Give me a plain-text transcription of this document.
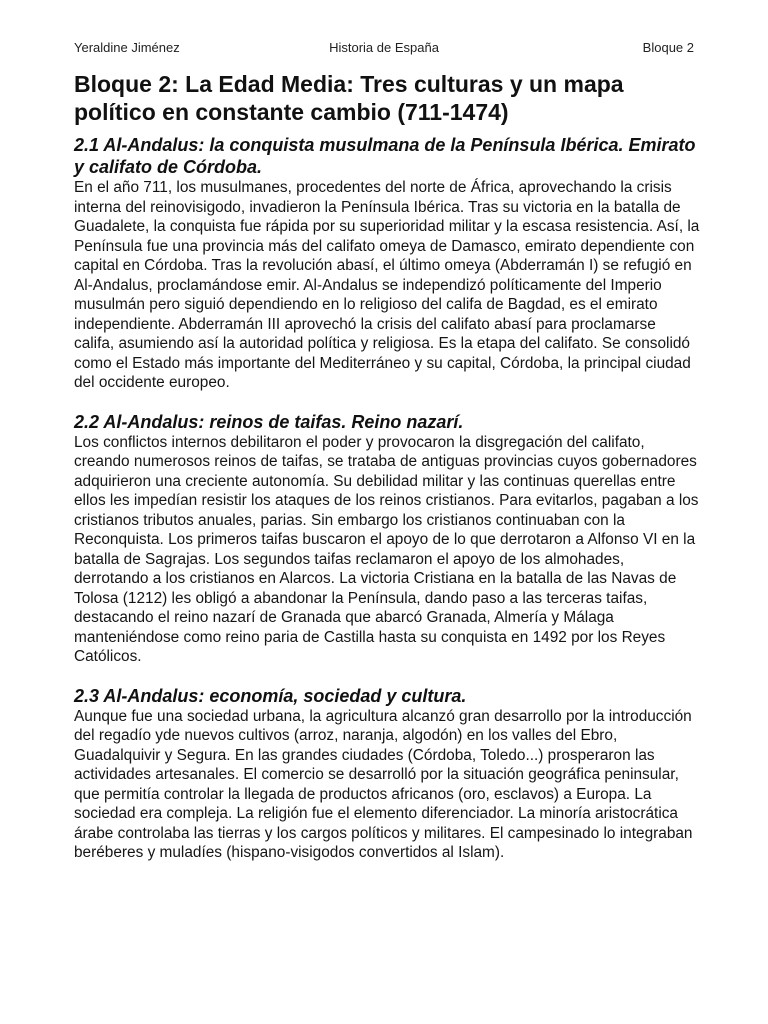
Yeraldine Jiménez	Historia de España	Bloque 2
Bloque 2: La Edad Media: Tres culturas y un mapa político en constante cambio (711-1474)
2.1 Al-Andalus: la conquista musulmana de la Península Ibérica. Emirato y califato de Córdoba.

En el año 711, los musulmanes, procedentes del norte de África, aprovechando la crisis interna del reinovisigodo, invadieron la Península Ibérica. Tras su victoria en la batalla de Guadalete, la conquista fue rápida por su superioridad militar y la escasa resistencia. Así, la Península fue una provincia más del califato omeya de Damasco, emirato dependiente con capital en Córdoba. Tras la revolución abasí, el último omeya (Abderramán I) se refugió en Al-Andalus, proclamándose emir. Al-Andalus se independizó políticamente del Imperio musulmán pero siguió dependiendo en lo religioso del califa de Bagdad, es el emirato independiente. Abderramán III aprovechó la crisis del califato abasí para proclamarse califa, asumiendo así la autoridad política y religiosa. Es la etapa del califato. Se consolidó como el Estado más importante del Mediterráneo y su capital, Córdoba, la principal ciudad del occidente europeo.

2.2 Al-Andalus: reinos de taifas. Reino nazarí.

Los conflictos internos debilitaron el poder y provocaron la disgregación del califato, creando numerosos reinos de taifas, se trataba de antiguas provincias cuyos gobernadores adquirieron una creciente autonomía. Su debilidad militar y las continuas querellas entre ellos les impedían resistir los ataques de los reinos cristianos. Para evitarlos, pagaban a los cristianos tributos anuales, parias. Sin embargo los cristianos continuaban con la Reconquista. Los primeros taifas buscaron el apoyo de lo que derrotaron a Alfonso VI en la batalla de Sagrajas. Los segundos taifas reclamaron el apoyo de los almohades, derrotando a los cristianos en Alarcos. La victoria Cristiana en la batalla de las Navas de Tolosa (1212) les obligó a abandonar la Península, dando paso a las terceras taifas, destacando el reino nazarí de Granada que abarcó Granada, Almería y Málaga manteniéndose como reino paria de Castilla hasta su conquista en 1492 por los Reyes Católicos.

2.3 Al-Andalus: economía, sociedad y cultura.

Aunque fue una sociedad urbana, la agricultura alcanzó gran desarrollo por la introducción del regadío yde nuevos cultivos (arroz, naranja, algodón) en los valles del Ebro, Guadalquivir y Segura. En las grandes ciudades (Córdoba, Toledo...) prosperaron las actividades artesanales. El comercio se desarrolló por la situación geográfica peninsular, que permitía controlar la llegada de productos africanos (oro, esclavos) a Europa. La sociedad era compleja. La religión fue el elemento diferenciador. La minoría aristocrática árabe controlaba las tierras y los cargos políticos y militares. El campesinado lo integraban beréberes y muladíes (hispano-visigodos convertidos al Islam).
